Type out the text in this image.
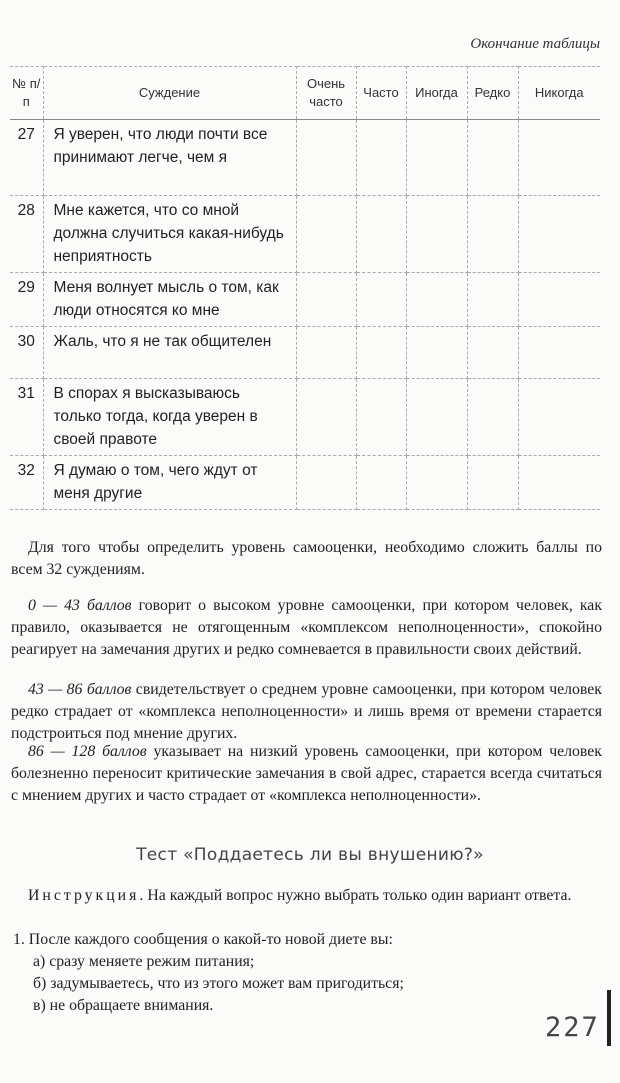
Окончание таблицы
№ п/п	Суждение	Очень часто	Часто	Иногда	Редко	Никогда
27	Я уверен, что люди почти все принимают легче, чем я					
28	Мне кажется, что со мной должна случиться какая-нибудь неприятность					
29	Меня волнует мысль о том, как люди относятся ко мне					
30	Жаль, что я не так общителен					
31	В спорах я высказываюсь только тогда, когда уверен в своей правоте					
32	Я думаю о том, чего ждут от меня другие					

Для того чтобы определить уровень самооценки, необходимо сложить баллы по всем 32 суждениям.

0 — 43 баллов говорит о высоком уровне самооценки, при котором человек, как правило, оказывается не отягощенным «комплексом неполноценности», спокойно реагирует на замечания других и редко сомневается в правильности своих действий.

43 — 86 баллов свидетельствует о среднем уровне самооценки, при котором человек редко страдает от «комплекса неполноценности» и лишь время от времени старается подстроиться под мнение других.

86 — 128 баллов указывает на низкий уровень самооценки, при котором человек болезненно переносит критические замечания в свой адрес, старается всегда считаться с мнением других и часто страдает от «комплекса неполноценности».

Тест «Поддаетесь ли вы внушению?»

Инструкция. На каждый вопрос нужно выбрать только один вариант ответа.

1. После каждого сообщения о какой-то новой диете вы:
а) сразу меняете режим питания;
б) задумываетесь, что из этого может вам пригодиться;
в) не обращаете внимания.
227
